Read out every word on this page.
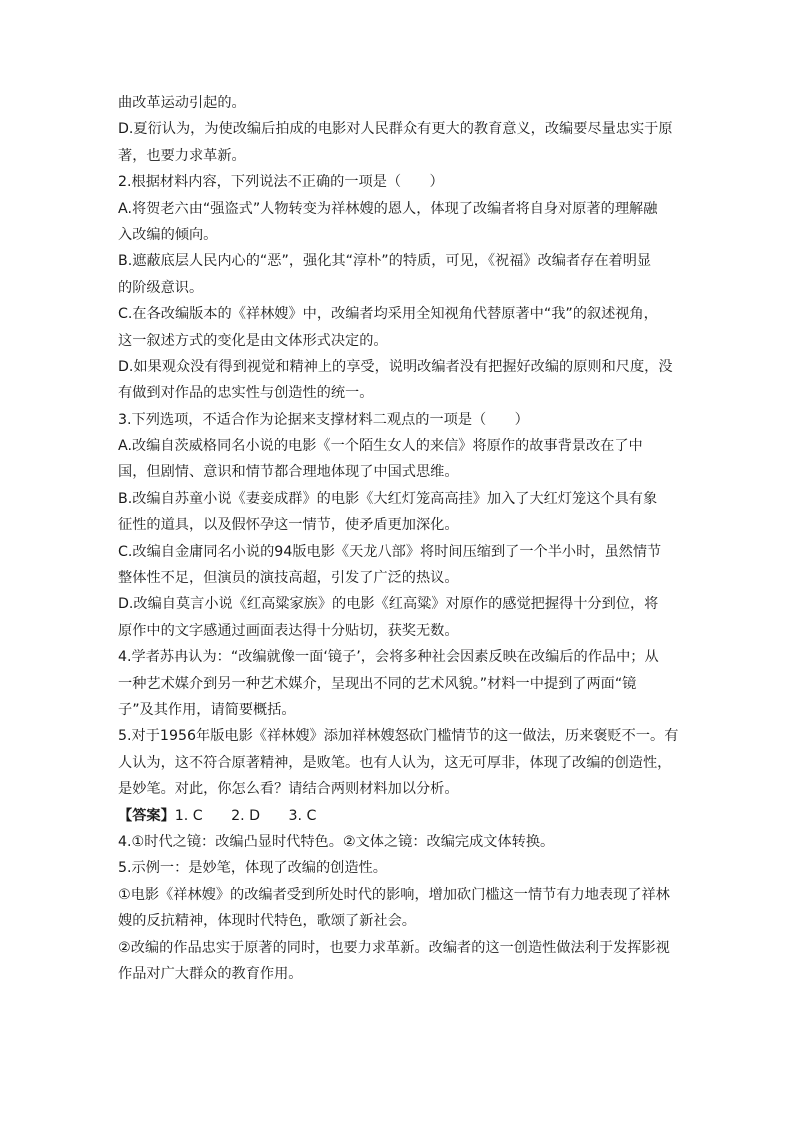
曲改革运动引起的。
D.夏衍认为，为使改编后拍成的电影对人民群众有更大的教育意义，改编要尽量忠实于原
著，也要力求革新。
2.根据材料内容，下列说法不正确的一项是（　　）
A.将贺老六由“强盗式”人物转变为祥林嫂的恩人，体现了改编者将自身对原著的理解融
入改编的倾向。
B.遮蔽底层人民内心的“恶”，强化其“淳朴”的特质，可见，《祝福》改编者存在着明显
的阶级意识。
C.在各改编版本的《祥林嫂》中，改编者均采用全知视角代替原著中“我”的叙述视角，
这一叙述方式的变化是由文体形式决定的。
D.如果观众没有得到视觉和精神上的享受，说明改编者没有把握好改编的原则和尺度，没
有做到对作品的忠实性与创造性的统一。
3.下列选项，不适合作为论据来支撑材料二观点的一项是（　　）
A.改编自茨威格同名小说的电影《一个陌生女人的来信》将原作的故事背景改在了中
国，但剧情、意识和情节都合理地体现了中国式思维。
B.改编自苏童小说《妻妾成群》的电影《大红灯笼高高挂》加入了大红灯笼这个具有象
征性的道具，以及假怀孕这一情节，使矛盾更加深化。
C.改编自金庸同名小说的94版电影《天龙八部》将时间压缩到了一个半小时，虽然情节
整体性不足，但演员的演技高超，引发了广泛的热议。
D.改编自莫言小说《红高粱家族》的电影《红高粱》对原作的感觉把握得十分到位，将
原作中的文字感通过画面表达得十分贴切，获奖无数。
4.学者苏冉认为：“改编就像一面‘镜子’，会将多种社会因素反映在改编后的作品中；从
一种艺术媒介到另一种艺术媒介，呈现出不同的艺术风貌。”材料一中提到了两面“镜
子”及其作用，请简要概括。
5.对于1956年版电影《祥林嫂》添加祥林嫂怒砍门槛情节的这一做法，历来褒贬不一。有
人认为，这不符合原著精神，是败笔。也有人认为，这无可厚非，体现了改编的创造性，
是妙笔。对此，你怎么看？请结合两则材料加以分析。
【答案】1. C　　2. D　　3. C
4.①时代之镜：改编凸显时代特色。②文体之镜：改编完成文体转换。
5.示例一：是妙笔，体现了改编的创造性。
①电影《祥林嫂》的改编者受到所处时代的影响，增加砍门槛这一情节有力地表现了祥林
嫂的反抗精神，体现时代特色，歌颂了新社会。
②改编的作品忠实于原著的同时，也要力求革新。改编者的这一创造性做法利于发挥影视
作品对广大群众的教育作用。
